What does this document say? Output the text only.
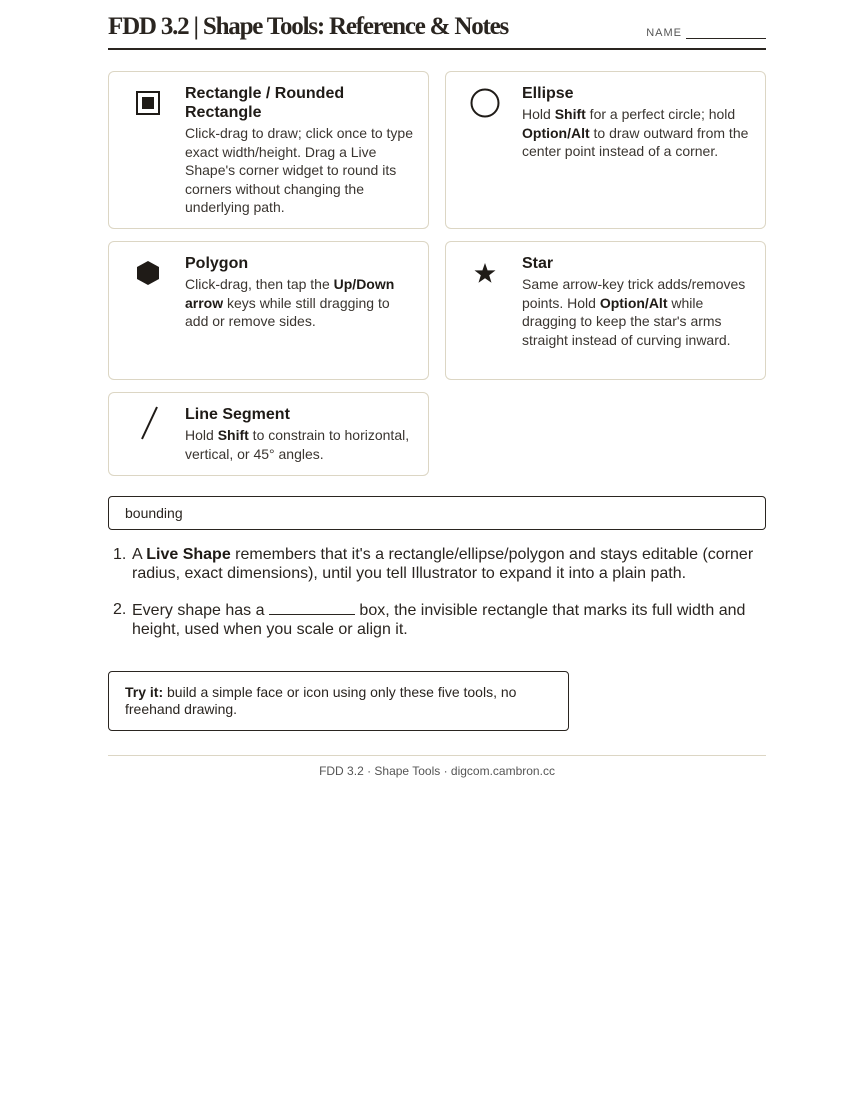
FDD 3.2 | Shape Tools: Reference & Notes	NAME
Rectangle / Rounded Rectangle

Click-drag to draw; click once to type exact width/height. Drag a Live Shape's corner widget to round its corners without changing the underlying path.

Ellipse

Hold Shift for a perfect circle; hold Option/Alt to draw outward from the center point instead of a corner.

Polygon

Click-drag, then tap the Up/Down arrow keys while still dragging to add or remove sides.

Star

Same arrow-key trick adds/removes points. Hold Option/Alt while dragging to keep the star's arms straight instead of curving inward.

Line Segment

Hold Shift to constrain to horizontal, vertical, or 45° angles.

bounding
1. A Live Shape remembers that it's a rectangle/ellipse/polygon and stays editable (corner radius, exact dimensions), until you tell Illustrator to expand it into a plain path.
2. Every shape has a	box, the invisible rectangle that marks its full width and height, used when you scale or align it.
Try it: build a simple face or icon using only these five tools, no freehand drawing.
FDD 3.2 · Shape Tools · digcom.cambron.cc
